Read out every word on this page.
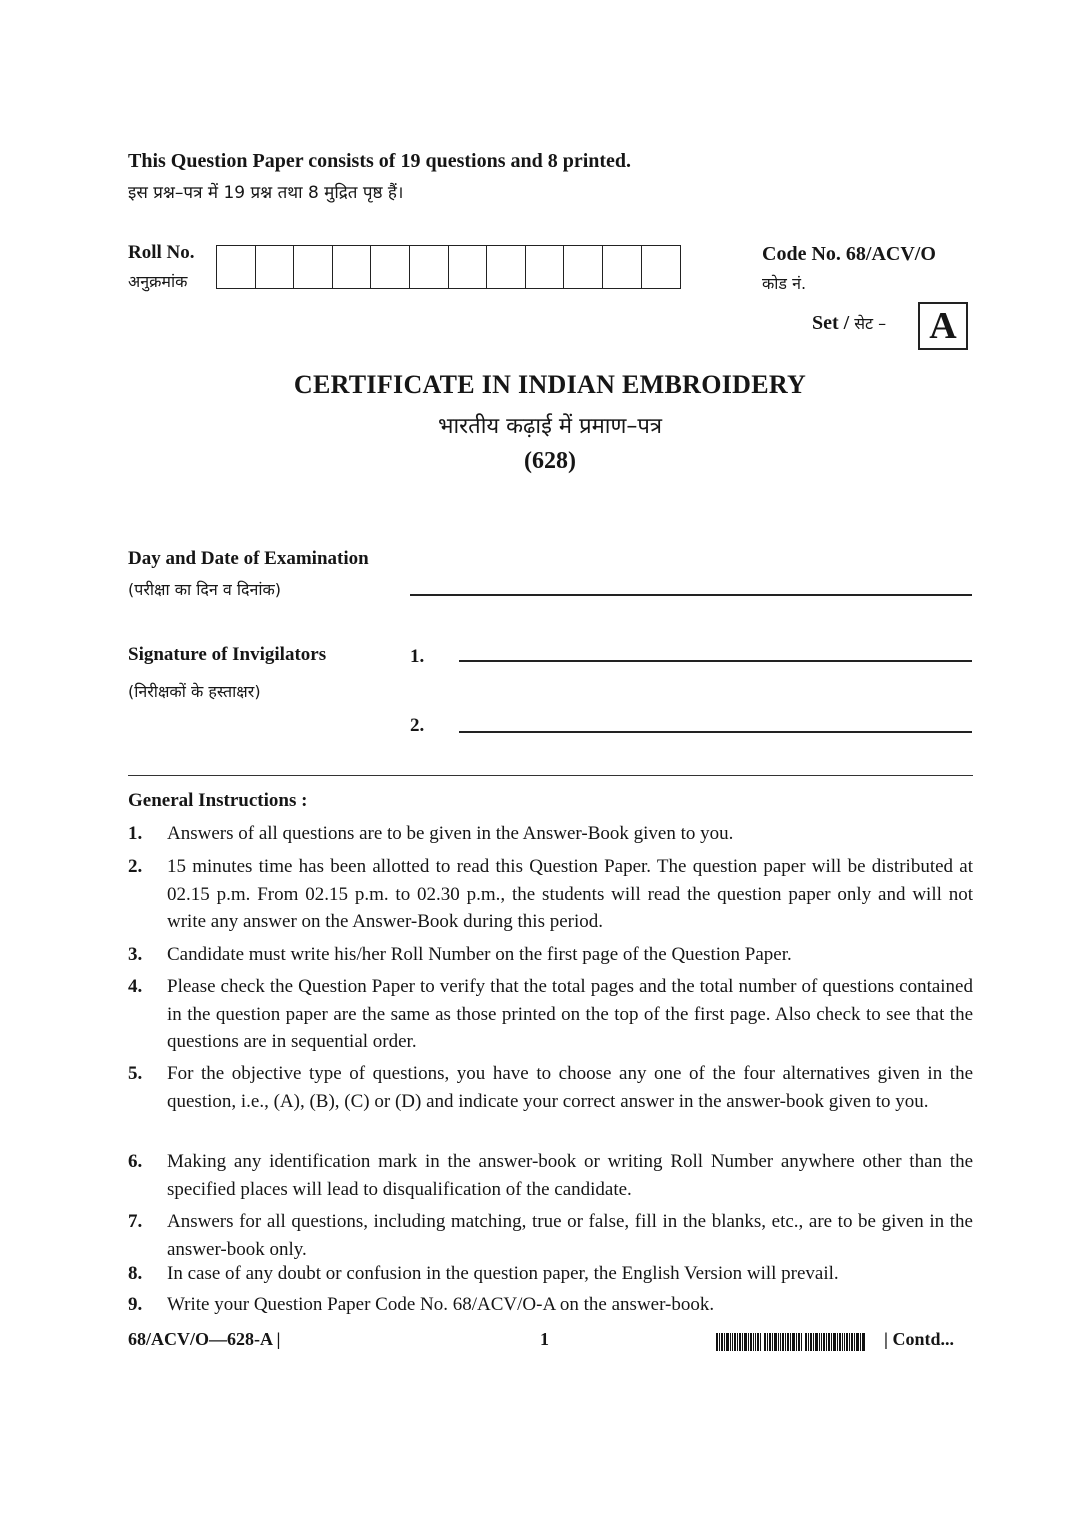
This Question Paper consists of 19 questions and 8 printed.
इस प्रश्न–पत्र में 19 प्रश्न तथा 8 मुद्रित पृष्ठ हैं।
Roll No.
अनुक्रमांक
Code No. 68/ACV/O
कोड नं.
Set / सेट – A
CERTIFICATE IN INDIAN EMBROIDERY
भारतीय कढ़ाई में प्रमाण–पत्र
(628)
Day and Date of Examination
(परीक्षा का दिन व दिनांक)
Signature of Invigilators
(निरीक्षकों के हस्ताक्षर)
1.
2.
General Instructions :
1. Answers of all questions are to be given in the Answer-Book given to you.
2. 15 minutes time has been allotted to read this Question Paper. The question paper will be distributed at 02.15 p.m. From 02.15 p.m. to 02.30 p.m., the students will read the question paper only and will not write any answer on the Answer-Book during this period.
3. Candidate must write his/her Roll Number on the first page of the Question Paper.
4. Please check the Question Paper to verify that the total pages and the total number of questions contained in the question paper are the same as those printed on the top of the first page. Also check to see that the questions are in sequential order.
5. For the objective type of questions, you have to choose any one of the four alternatives given in the question, i.e., (A), (B), (C) or (D) and indicate your correct answer in the answer-book given to you.
6. Making any identification mark in the answer-book or writing Roll Number anywhere other than the specified places will lead to disqualification of the candidate.
7. Answers for all questions, including matching, true or false, fill in the blanks, etc., are to be given in the answer-book only.
8. In case of any doubt or confusion in the question paper, the English Version will prevail.
9. Write your Question Paper Code No. 68/ACV/O-A on the answer-book.
68/ACV/O—628-A |	1	| Contd...
